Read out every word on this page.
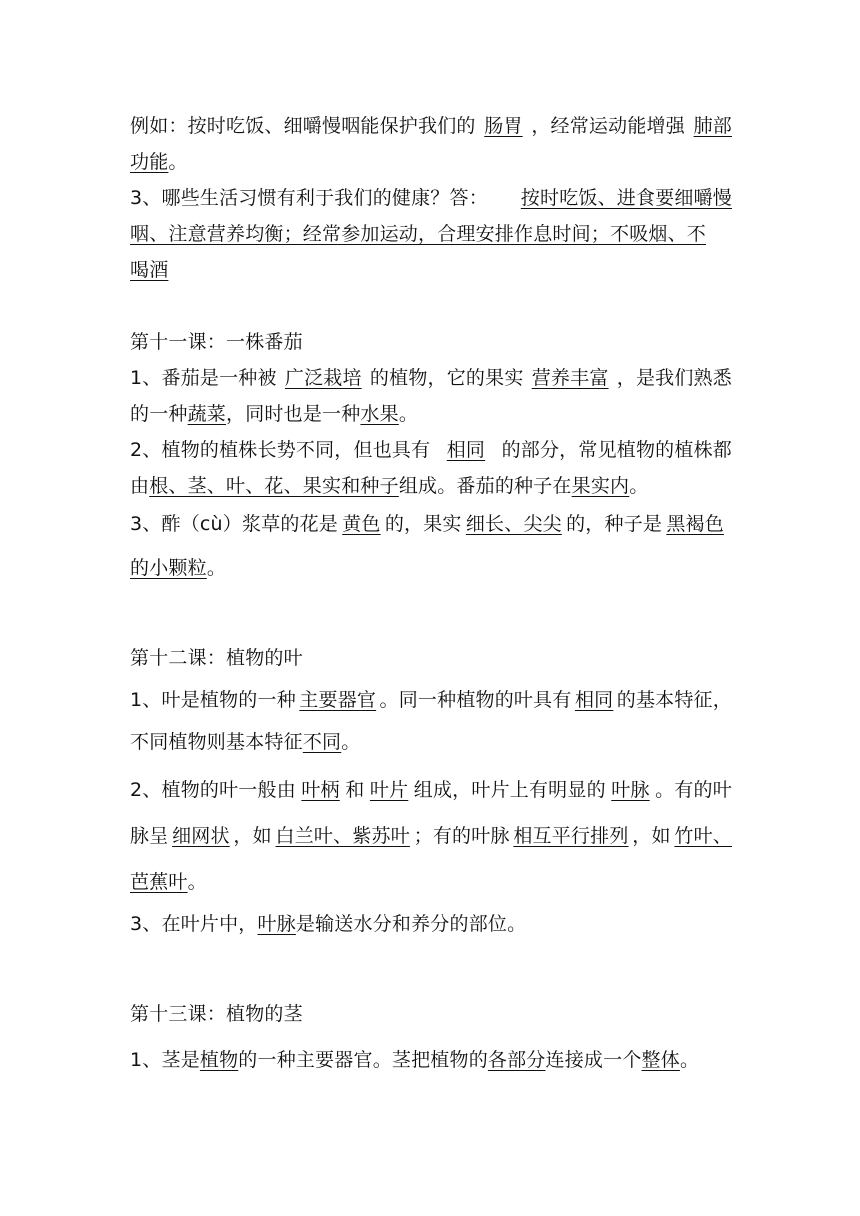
例如：按时吃饭、细嚼慢咽能保护我们的 肠胃 ，经常运动能增强 肺部
功能。
3、哪些生活习惯有利于我们的健康？答： 按时吃饭、进食要细嚼慢
咽、注意营养均衡；经常参加运动，合理安排作息时间；不吸烟、不
喝酒
第十一课：一株番茄
1、番茄是一种被 广泛栽培 的植物，它的果实 营养丰富 ，是我们熟悉
的一种蔬菜，同时也是一种水果。
2、植物的植株长势不同，但也具有 相同 的部分，常见植物的植株都
由根、茎、叶、花、果实和种子组成。番茄的种子在果实内。
3、酢（cù）浆草的花是 黄色 的，果实 细长、尖尖 的，种子是 黑褐色
的小颗粒。
第十二课：植物的叶
1、叶是植物的一种 主要器官 。同一种植物的叶具有 相同 的基本特征，
不同植物则基本特征不同。
2、植物的叶一般由 叶柄 和 叶片 组成，叶片上有明显的 叶脉 。有的叶
脉呈 细网状 ，如 白兰叶、紫苏叶 ；有的叶脉 相互平行排列 ，如 竹叶、
芭蕉叶。
3、在叶片中，叶脉是输送水分和养分的部位。
第十三课：植物的茎
1、茎是植物的一种主要器官。茎把植物的各部分连接成一个整体。
